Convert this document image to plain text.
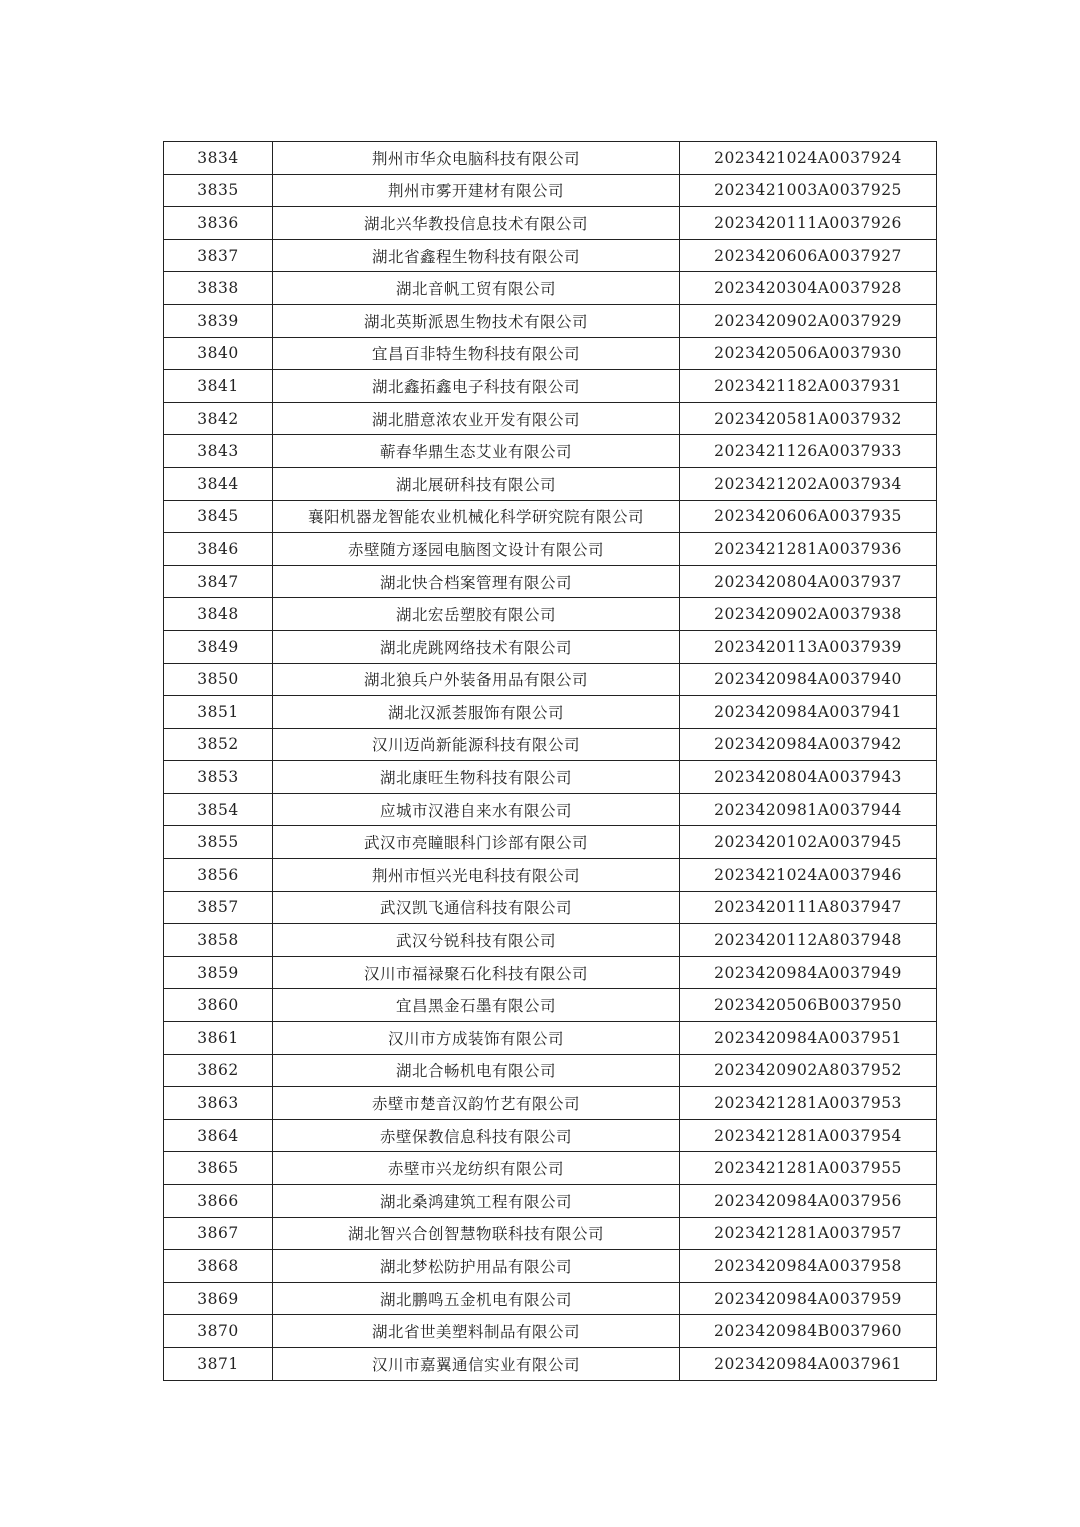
3834	荆州市华众电脑科技有限公司	2023421024A0037924
3835	荆州市雾开建材有限公司	2023421003A0037925
3836	湖北兴华教投信息技术有限公司	2023420111A0037926
3837	湖北省鑫程生物科技有限公司	2023420606A0037927
3838	湖北音帆工贸有限公司	2023420304A0037928
3839	湖北英斯派恩生物技术有限公司	2023420902A0037929
3840	宜昌百非特生物科技有限公司	2023420506A0037930
3841	湖北鑫拓鑫电子科技有限公司	2023421182A0037931
3842	湖北腊意浓农业开发有限公司	2023420581A0037932
3843	蕲春华鼎生态艾业有限公司	2023421126A0037933
3844	湖北展研科技有限公司	2023421202A0037934
3845	襄阳机器龙智能农业机械化科学研究院有限公司	2023420606A0037935
3846	赤壁随方逐园电脑图文设计有限公司	2023421281A0037936
3847	湖北快合档案管理有限公司	2023420804A0037937
3848	湖北宏岳塑胶有限公司	2023420902A0037938
3849	湖北虎跳网络技术有限公司	2023420113A0037939
3850	湖北狼兵户外装备用品有限公司	2023420984A0037940
3851	湖北汉派荟服饰有限公司	2023420984A0037941
3852	汉川迈尚新能源科技有限公司	2023420984A0037942
3853	湖北康旺生物科技有限公司	2023420804A0037943
3854	应城市汉港自来水有限公司	2023420981A0037944
3855	武汉市亮瞳眼科门诊部有限公司	2023420102A0037945
3856	荆州市恒兴光电科技有限公司	2023421024A0037946
3857	武汉凯飞通信科技有限公司	2023420111A8037947
3858	武汉兮锐科技有限公司	2023420112A8037948
3859	汉川市福禄聚石化科技有限公司	2023420984A0037949
3860	宜昌黑金石墨有限公司	2023420506B0037950
3861	汉川市方成装饰有限公司	2023420984A0037951
3862	湖北合畅机电有限公司	2023420902A8037952
3863	赤壁市楚音汉韵竹艺有限公司	2023421281A0037953
3864	赤壁保教信息科技有限公司	2023421281A0037954
3865	赤壁市兴龙纺织有限公司	2023421281A0037955
3866	湖北桑鸿建筑工程有限公司	2023420984A0037956
3867	湖北智兴合创智慧物联科技有限公司	2023421281A0037957
3868	湖北梦松防护用品有限公司	2023420984A0037958
3869	湖北鹏鸣五金机电有限公司	2023420984A0037959
3870	湖北省世美塑料制品有限公司	2023420984B0037960
3871	汉川市嘉翼通信实业有限公司	2023420984A0037961
